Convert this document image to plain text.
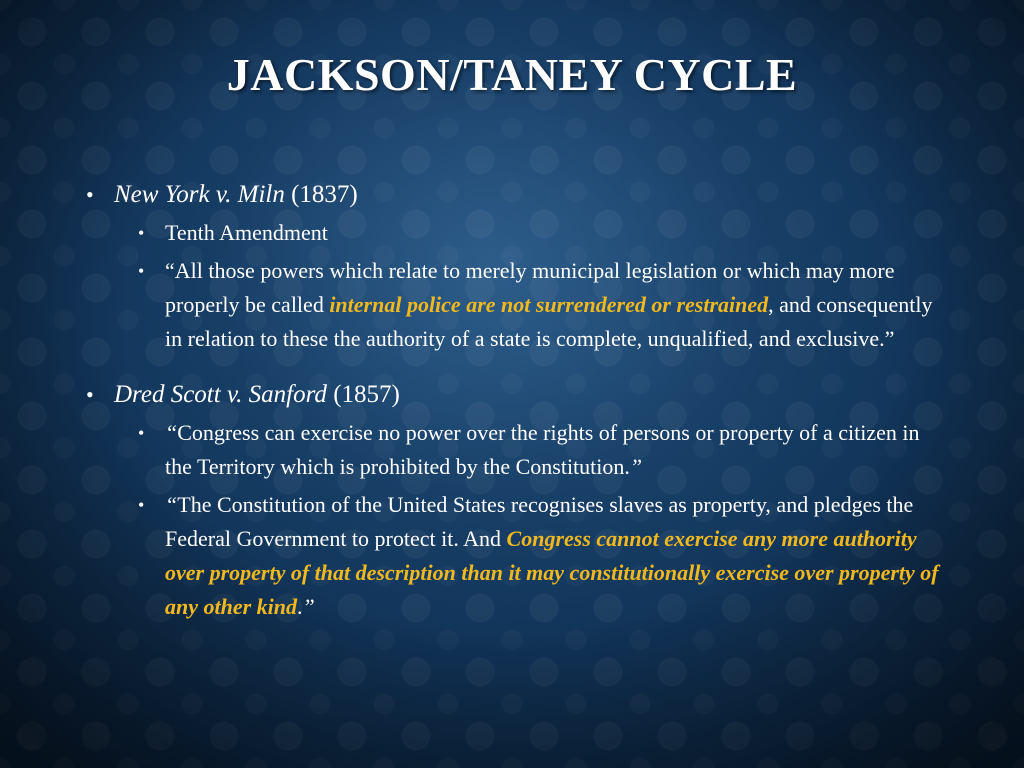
JACKSON/TANEY CYCLE
• New York v. Miln (1837)
• Tenth Amendment
• “All those powers which relate to merely municipal legislation or which may more properly be called internal police are not surrendered or restrained, and consequently in relation to these the authority of a state is complete, unqualified, and exclusive.”
• Dred Scott v. Sanford (1857)
• “Congress can exercise no power over the rights of persons or property of a citizen in the Territory which is prohibited by the Constitution.”
• “The Constitution of the United States recognises slaves as property, and pledges the Federal Government to protect it. And Congress cannot exercise any more authority over property of that description than it may constitutionally exercise over property of any other kind.”
